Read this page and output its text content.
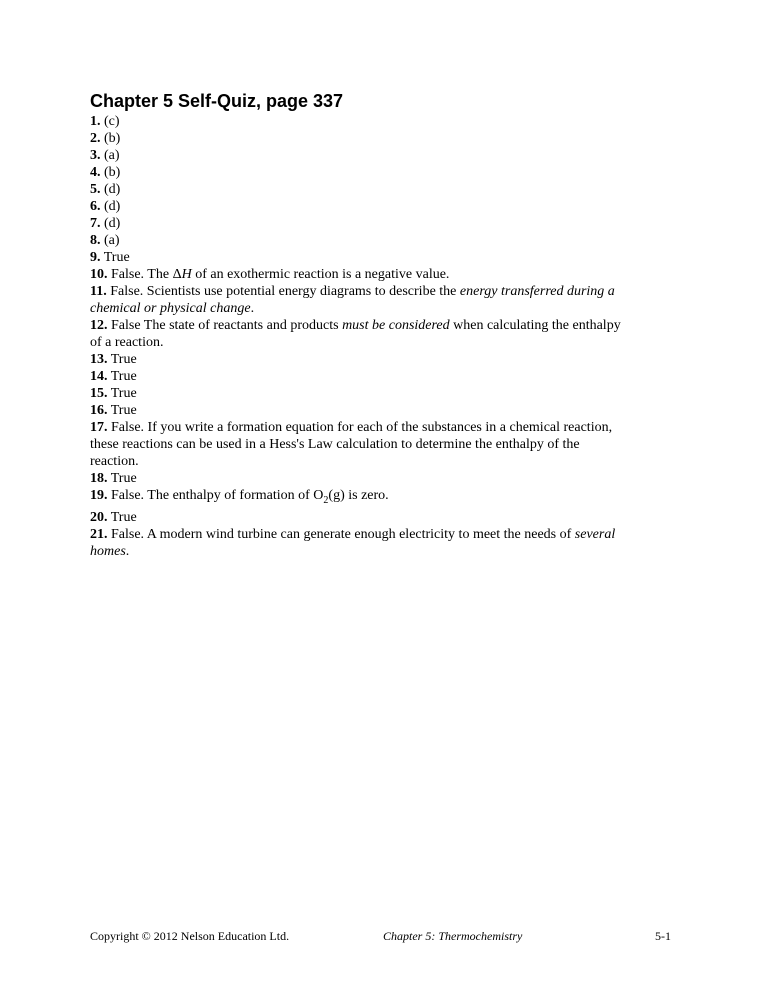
Chapter 5 Self-Quiz, page 337

1. (c)

2. (b)

3. (a)

4. (b)

5. (d)

6. (d)

7. (d)

8. (a)

9. True

10. False. The ΔH of an exothermic reaction is a negative value.

11. False. Scientists use potential energy diagrams to describe the energy transferred during a chemical or physical change.

12. False The state of reactants and products must be considered when calculating the enthalpy of a reaction.

13. True

14. True

15. True

16. True

17. False. If you write a formation equation for each of the substances in a chemical reaction, these reactions can be used in a Hess's Law calculation to determine the enthalpy of the reaction.

18. True

19. False. The enthalpy of formation of $O_2(g)$ is zero.

20. True

21. False. A modern wind turbine can generate enough electricity to meet the needs of several homes.

Copyright © 2012 Nelson Education Ltd.	Chapter 5: Thermochemistry	5-1
